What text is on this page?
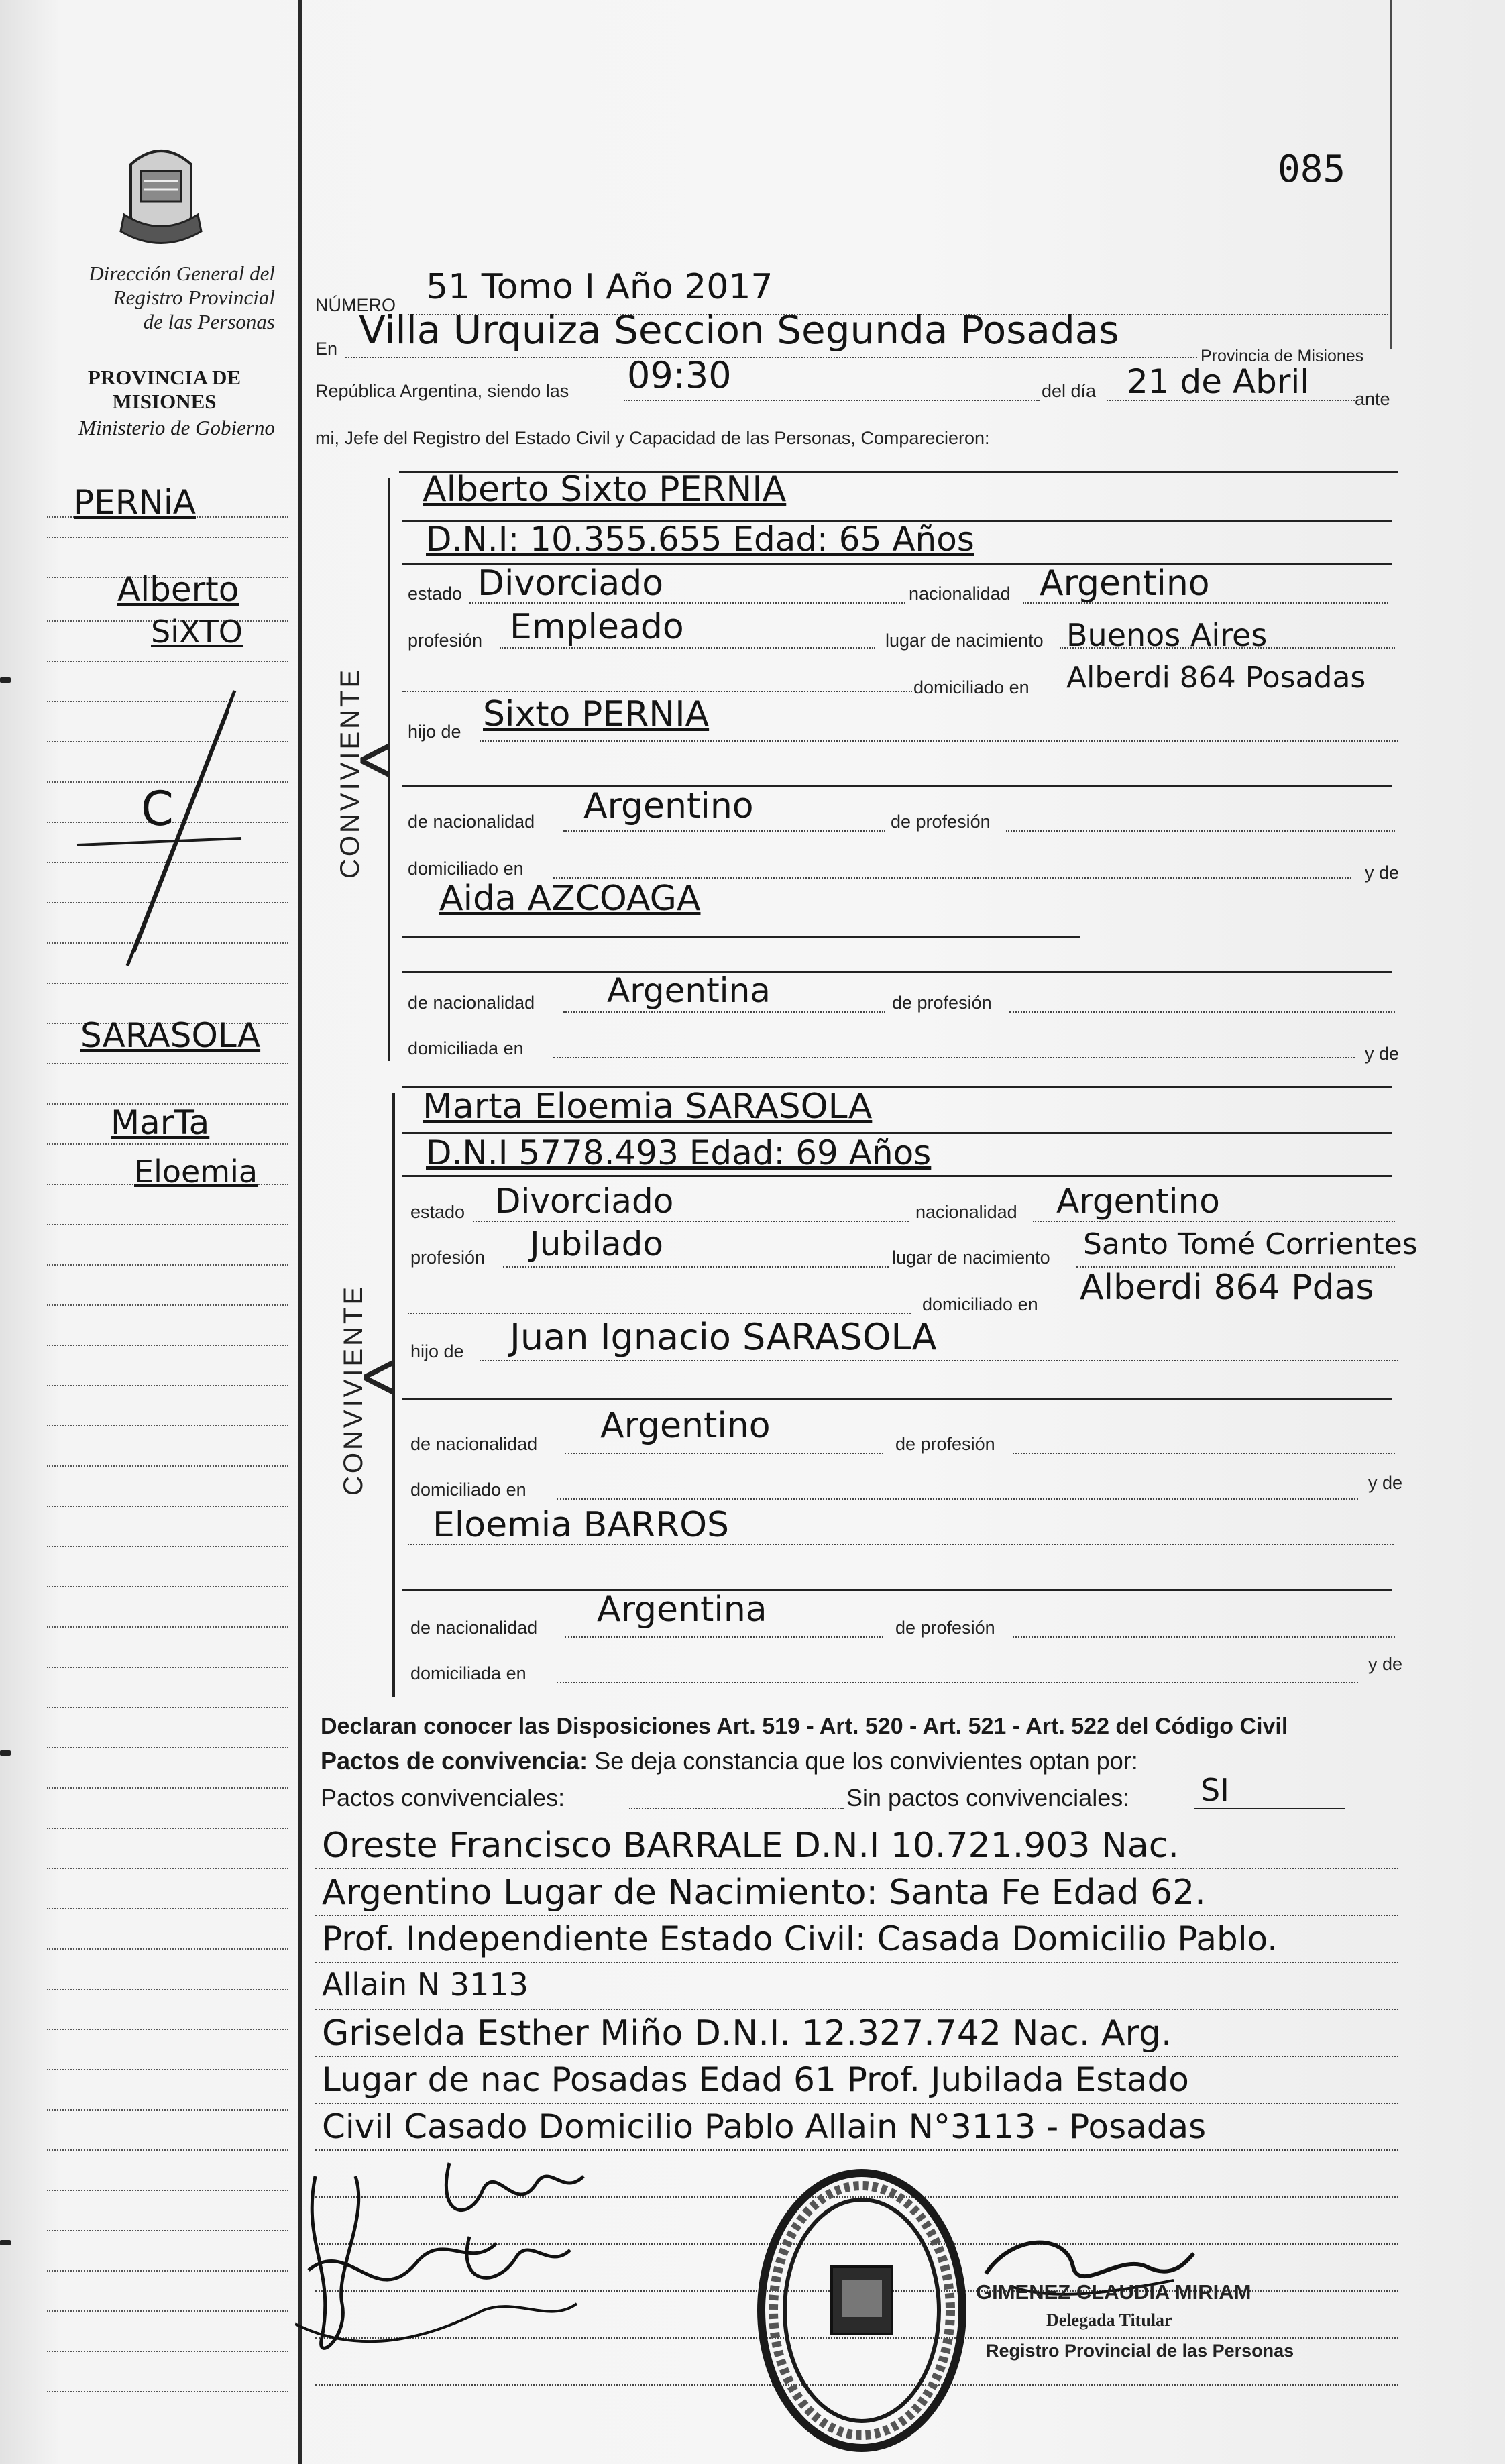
085
Dirección General del
Registro Provincial
de las Personas
PROVINCIA DE
MISIONES
Ministerio de Gobierno
PERNiA
Alberto
SiXTO
C
SARASOLA
MarTa
Eloemia
NÚMERO 51 Tomo I Año 2017
En Villa Urquiza Seccion Segunda Posadas
Provincia de Misiones
República Argentina, siendo las 09:30	del día 21 de Abril	ante
mi, Jefe del Registro del Estado Civil y Capacidad de las Personas, Comparecieron:
CONVIVIENTE
<
Alberto Sixto PERNIA
D.N.I: 10.355.655 Edad: 65 Años
estado Divorciado	nacionalidad Argentino
profesión Empleado	lugar de nacimiento Buenos Aires
domiciliado en Alberdi 864 Posadas
hijo de Sixto PERNIA
de nacionalidad Argentino	de profesión
domiciliado en	y de
Aida AZCOAGA
de nacionalidad Argentina	de profesión
domiciliada en	y de
CONVIVIENTE
<
Marta Eloemia SARASOLA
D.N.I 5778.493 Edad: 69 Años
estado Divorciado	nacionalidad Argentino
profesión Jubilado	lugar de nacimiento Santo Tomé Corrientes
domiciliado en Alberdi 864 Pdas
hijo de Juan Ignacio SARASOLA
de nacionalidad Argentino	de profesión
domiciliado en	y de
Eloemia BARROS
de nacionalidad Argentina	de profesión
domiciliada en	y de
Declaran conocer las Disposiciones Art. 519 - Art. 520 - Art. 521 - Art. 522 del Código Civil
Pactos de convivencia: Se deja constancia que los convivientes optan por:
Pactos convivenciales:	Sin pactos convivenciales: SI
Oreste Francisco BARRALE D.N.I 10.721.903 Nac.
Argentino Lugar de Nacimiento: Santa Fe Edad 62.
Prof. Independiente Estado Civil: Casada Domicilio Pablo.
Allain N 3113
Griselda Esther Miño D.N.I. 12.327.742 Nac. Arg.
Lugar de nac Posadas Edad 61 Prof. Jubilada Estado
Civil Casado Domicilio Pablo Allain N°3113 - Posadas
GIMENEZ CLAUDIA MIRIAM
Delegada Titular
Registro Provincial de las Personas
